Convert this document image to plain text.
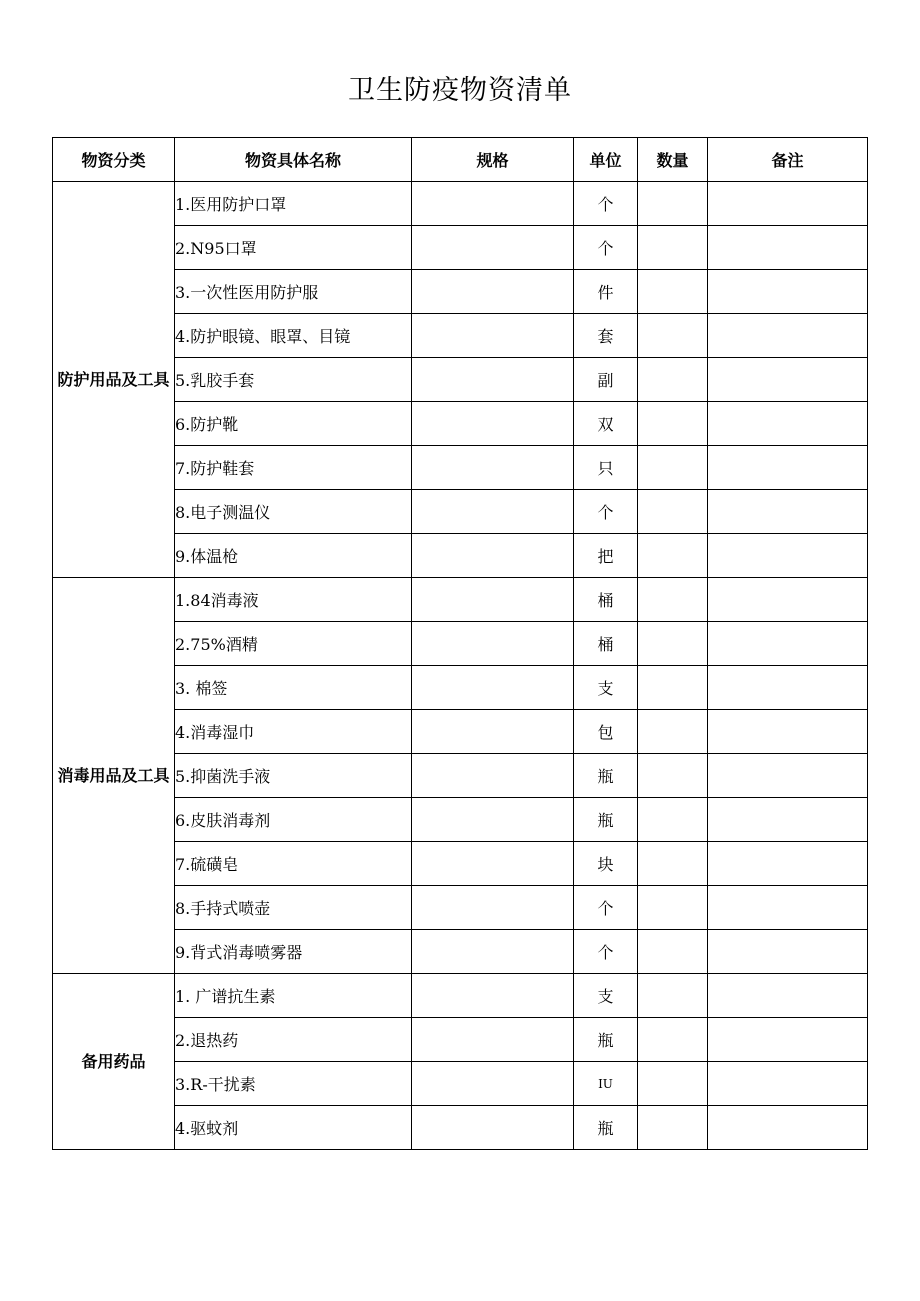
卫生防疫物资清单
物资分类	物资具体名称	规格	单位	数量	备注
防护用品及工具	1.医用防护口罩		个		
	2.N95口罩		个		
	3.一次性医用防护服		件		
	4.防护眼镜、眼罩、目镜		套		
	5.乳胶手套		副		
	6.防护靴		双		
	7.防护鞋套		只		
	8.电子测温仪		个		
	9.体温枪		把		
消毒用品及工具	1.84消毒液		桶		
	2.75%酒精		桶		
	3. 棉签		支		
	4.消毒湿巾		包		
	5.抑菌洗手液		瓶		
	6.皮肤消毒剂		瓶		
	7.硫磺皂		块		
	8.手持式喷壶		个		
	9.背式消毒喷雾器		个		
备用药品	1. 广谱抗生素		支		
	2.退热药		瓶		
	3.R-干扰素		IU		
	4.驱蚊剂		瓶		
